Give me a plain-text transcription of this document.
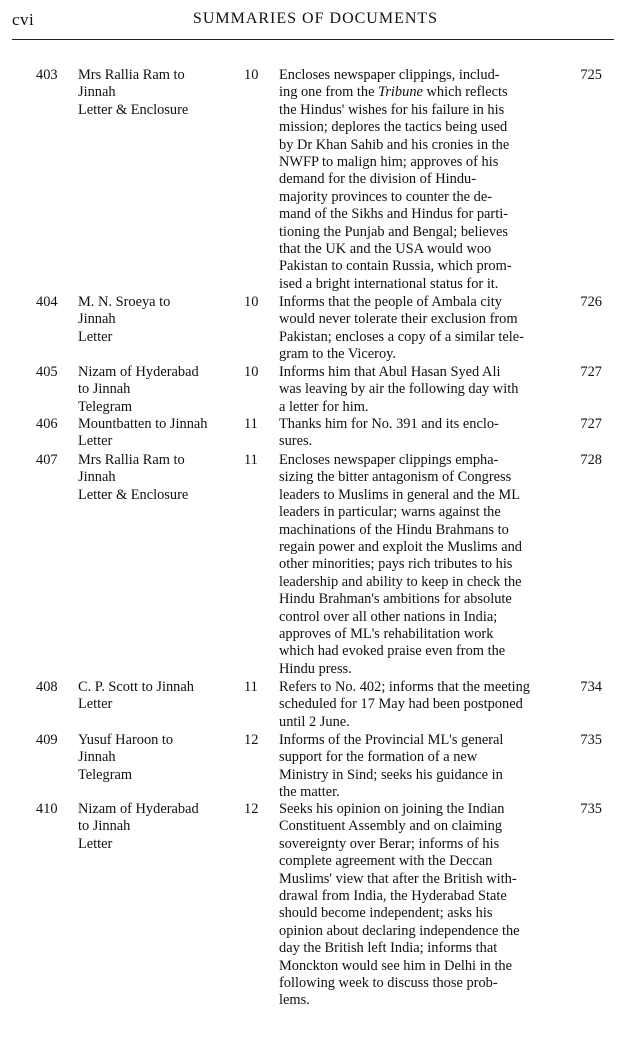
cvi	SUMMARIES OF DOCUMENTS
403 Mrs Rallia Ram to
Jinnah
Letter & Enclosure
10	Encloses newspaper clippings, includ-
ing one from the Tribune which reflects
the Hindus' wishes for his failure in his
mission; deplores the tactics being used
by Dr Khan Sahib and his cronies in the
NWFP to malign him; approves of his
demand for the division of Hindu-
majority provinces to counter the de-
mand of the Sikhs and Hindus for parti-
tioning the Punjab and Bengal; believes
that the UK and the USA would woo
Pakistan to contain Russia, which prom-
ised a bright international status for it.
725
404 M. N. Sroeya to
Jinnah
Letter
10	Informs that the people of Ambala city
would never tolerate their exclusion from
Pakistan; encloses a copy of a similar tele-
gram to the Viceroy.
726
405 Nizam of Hyderabad
to Jinnah
Telegram
10	Informs him that Abul Hasan Syed Ali
was leaving by air the following day with
a letter for him.
727
406 Mountbatten to Jinnah
Letter
11	Thanks him for No. 391 and its enclo-
sures.
727
407 Mrs Rallia Ram to
Jinnah
Letter & Enclosure
11	Encloses newspaper clippings empha-
sizing the bitter antagonism of Congress
leaders to Muslims in general and the ML
leaders in particular; warns against the
machinations of the Hindu Brahmans to
regain power and exploit the Muslims and
other minorities; pays rich tributes to his
leadership and ability to keep in check the
Hindu Brahman's ambitions for absolute
control over all other nations in India;
approves of ML's rehabilitation work
which had evoked praise even from the
Hindu press.
728
408 C. P. Scott to Jinnah
Letter
11	Refers to No. 402; informs that the meeting
scheduled for 17 May had been postponed
until 2 June.
734
409 Yusuf Haroon to
Jinnah
Telegram
12	Informs of the Provincial ML's general
support for the formation of a new
Ministry in Sind; seeks his guidance in
the matter.
735
410 Nizam of Hyderabad
to Jinnah
Letter
12	Seeks his opinion on joining the Indian
Constituent Assembly and on claiming
sovereignty over Berar; informs of his
complete agreement with the Deccan
Muslims' view that after the British with-
drawal from India, the Hyderabad State
should become independent; asks his
opinion about declaring independence the
day the British left India; informs that
Monckton would see him in Delhi in the
following week to discuss those prob-
lems.
735
